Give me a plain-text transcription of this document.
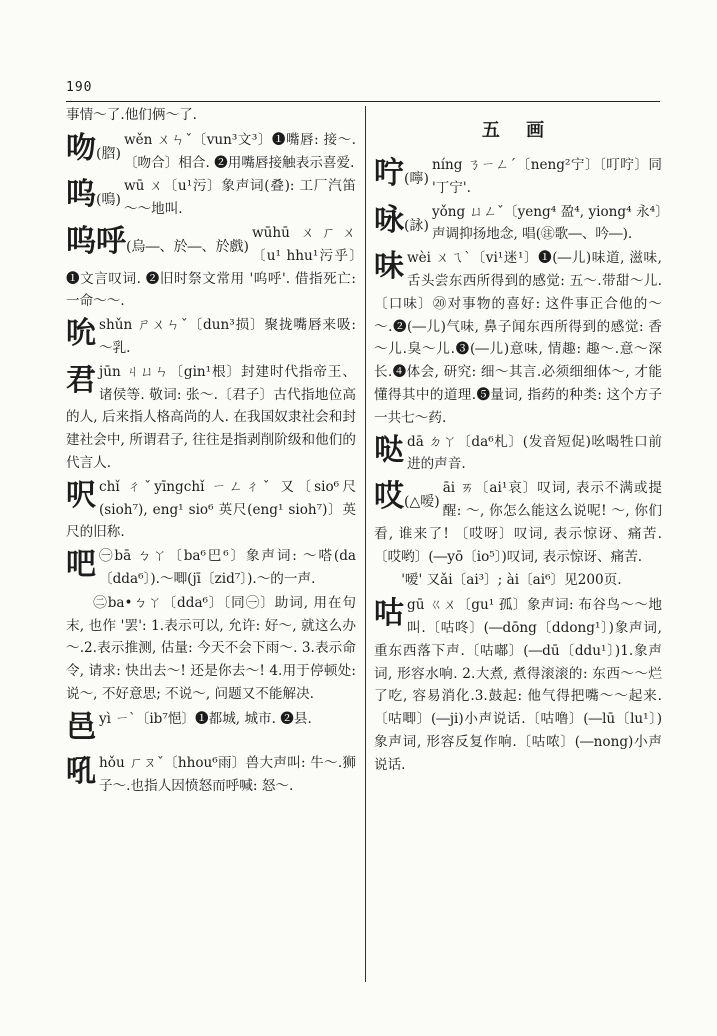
190
事情～了.他们俩～了.
吻(脗)
wěn ㄨㄣˇ〔vun³文³〕❶嘴唇: 接～.〔吻合〕相合. ❷用嘴唇接触表示喜爱.
呜(鳴)
wū ㄨ〔u¹污〕象声词(叠): 工厂汽笛～～地叫.
呜呼(烏―、於―、於戲)
wūhū ㄨㄏㄨ〔u¹ hhu¹污乎〕❶文言叹词. ❷旧时祭文常用 '呜呼'. 借指死亡: 一命～～.
吮 shǔn ㄕㄨㄣˇ〔dun³损〕聚拢嘴唇来吸: ～乳.
君 jūn ㄐㄩㄣ〔gin¹根〕封建时代指帝王、诸侯等. 敬词: 张～.〔君子〕古代指地位高的人, 后来指人格高尚的人. 在我国奴隶社会和封建社会中, 所谓君子, 往往是指剥削阶级和他们的代言人.
呎 chǐ ㄔˇyīngchǐ ㄧㄥㄔˇ 又〔sio⁶尺(sioh⁷), eng¹ sio⁶ 英尺(eng¹ sioh⁷)〕英尺的旧称.
吧 ㊀bā ㄅㄚ〔ba⁶巴⁶〕象声词: ～嗒(da〔dda⁶〕).～唧(jī〔zid⁷〕).～的一声.
㊁ba•ㄅㄚ〔dda⁶〕〔同㊀〕助词, 用在句末, 也作 '罢': 1.表示可以, 允许: 好～, 就这么办～.2.表示推测, 估量: 今天不会下雨～. 3.表示命令, 请求: 快出去～! 还是你去～! 4.用于停顿处: 说～, 不好意思; 不说～, 问题又不能解决.
邑 yì ㄧˋ〔ib⁷悒〕❶都城, 城市. ❷县.
吼 hǒu ㄏㄡˇ〔hhou⁶雨〕兽大声叫: 牛～.狮子～.也指人因愤怒而呼喊: 怒～.
五 画
咛(嚀)
níng ㄋㄧㄥˊ〔neng²宁〕〔叮咛〕同 '丁宁'.
咏(詠)
yǒng ㄩㄥˇ〔yeng⁴ 盈⁴, yiong⁴ 永⁴〕声调抑扬地念, 唱(㊟歌―、吟―).
味 wèi ㄨㄟˋ〔vi¹迷¹〕❶(―儿)味道, 滋味, 舌头尝东西所得到的感觉: 五～.带甜～儿.〔口味〕⑳对事物的喜好: 这件事正合他的～～.❷(―儿)气味, 鼻子闻东西所得到的感觉: 香～儿.臭～儿.❸(―儿)意味, 情趣: 趣～.意～深长.❹体会, 研究: 细～其言.必须细细体～, 才能懂得其中的道理.❺量词, 指药的种类: 这个方子一共七～药.
哒 dā ㄉㄚ〔da⁶札〕(发音短促)吆喝牲口前进的声音.
哎(△嗳)
āi ㄞ〔ai¹哀〕叹词, 表示不满或提醒: ～, 你怎么能这么说呢! ～, 你们看, 谁来了! 〔哎呀〕叹词, 表示惊讶、痛苦.〔哎哟〕(―yō〔io⁵〕)叹词, 表示惊讶、痛苦.
'嗳' 又ǎi〔ai³〕; ài〔ai⁶〕见200页.
咕 gū ㄍㄨ〔gu¹ 孤〕象声词: 布谷鸟～～地叫.〔咕咚〕(―dōng〔ddong¹〕)象声词, 重东西落下声.〔咕嘟〕(―dū〔ddu¹〕)1.象声词, 形容水响. 2.大煮, 煮得滚滚的: 东西～～烂了吃, 容易消化.3.鼓起: 他气得把嘴～～起来.〔咕唧〕(―ji)小声说话.〔咕噜〕(―lū〔lu¹〕)象声词, 形容反复作响.〔咕哝〕(―nong)小声说话.
